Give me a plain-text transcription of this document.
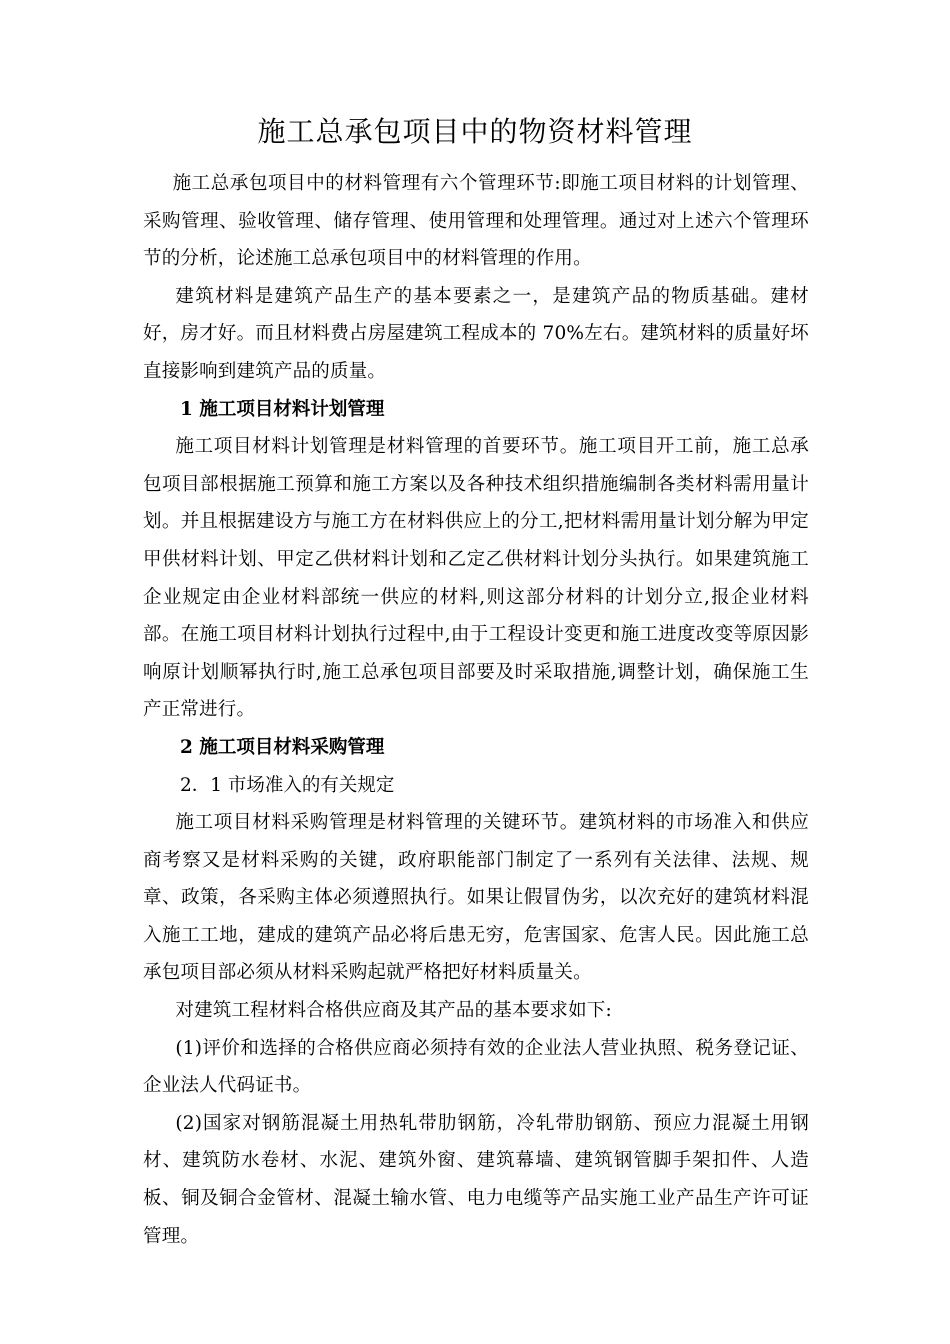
施工总承包项目中的物资材料管理

施工总承包项目中的材料管理有六个管理环节:即施工项目材料的计划管理、采购管理、验收管理、储存管理、使用管理和处理管理。通过对上述六个管理环节的分析，论述施工总承包项目中的材料管理的作用。

建筑材料是建筑产品生产的基本要素之一，是建筑产品的物质基础。建材好，房才好。而且材料费占房屋建筑工程成本的 70%左右。建筑材料的质量好坏直接影响到建筑产品的质量。

1 施工项目材料计划管理

施工项目材料计划管理是材料管理的首要环节。施工项目开工前，施工总承包项目部根据施工预算和施工方案以及各种技术组织措施编制各类材料需用量计划。并且根据建设方与施工方在材料供应上的分工,把材料需用量计划分解为甲定甲供材料计划、甲定乙供材料计划和乙定乙供材料计划分头执行。如果建筑施工企业规定由企业材料部统一供应的材料,则这部分材料的计划分立,报企业材料部。在施工项目材料计划执行过程中,由于工程设计变更和施工进度改变等原因影响原计划顺幂执行时,施工总承包项目部要及时采取措施,调整计划，确保施工生产正常进行。

2 施工项目材料采购管理

2．1 市场准入的有关规定

施工项目材料采购管理是材料管理的关键环节。建筑材料的市场准入和供应商考察又是材料采购的关键，政府职能部门制定了一系列有关法律、法规、规章、政策，各采购主体必须遵照执行。如果让假冒伪劣，以次充好的建筑材料混入施工工地，建成的建筑产品必将后患无穷，危害国家、危害人民。因此施工总承包项目部必须从材料采购起就严格把好材料质量关。

对建筑工程材料合格供应商及其产品的基本要求如下:

(1)评价和选择的合格供应商必须持有效的企业法人营业执照、税务登记证、企业法人代码证书。

(2)国家对钢筋混凝土用热轧带肋钢筋，冷轧带肋钢筋、预应力混凝土用钢材、建筑防水卷材、水泥、建筑外窗、建筑幕墙、建筑钢管脚手架扣件、人造板、铜及铜合金管材、混凝土输水管、电力电缆等产品实施工业产品生产许可证管理。
